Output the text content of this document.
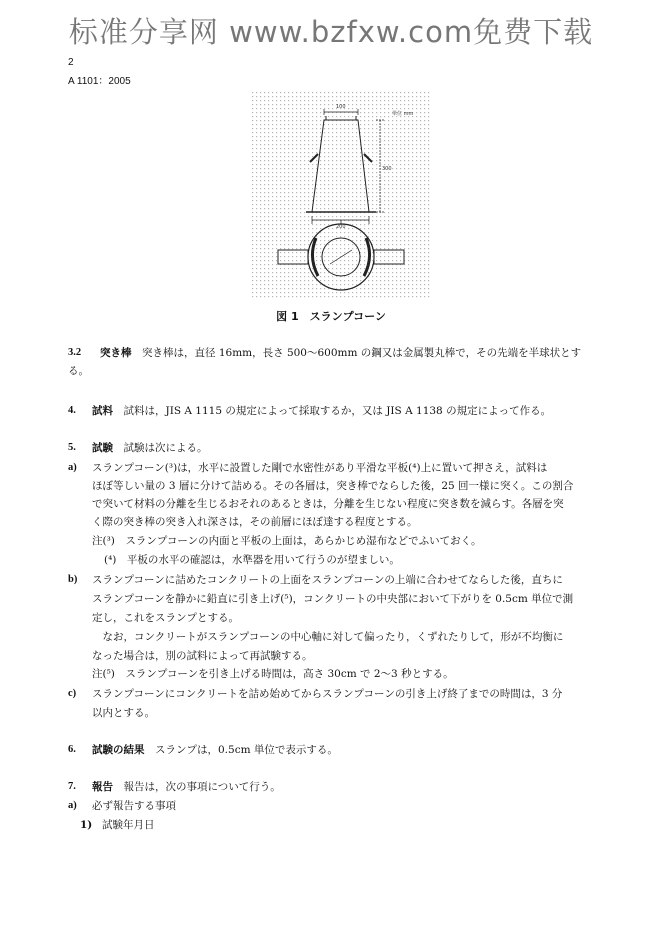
标准分享网 www.bzfxw.com免费下载
2
A 1101：2005
単位 mm
100
300
200
図 1　スランプコーン
3.2 突き棒　 突き棒は，直径 16mm，長さ 500～600mm の鋼又は金属製丸棒で，その先端を半球状とす
る。
4. 試料　 試料は，JIS A 1115 の規定によって採取するか，又は JIS A 1138 の規定によって作る。
5. 試験　 試験は次による。
a) スランプコーン(³)は，水平に設置した剛で水密性があり平滑な平板(⁴)上に置いて押さえ，試料は
ほぼ等しい量の 3 層に分けて詰める。その各層は，突き棒でならした後，25 回一様に突く。この割合
で突いて材料の分離を生じるおそれのあるときは，分離を生じない程度に突き数を減らす。各層を突
く際の突き棒の突き入れ深さは，その前層にほぼ達する程度とする。
注(³)　スランプコーンの内面と平板の上面は，あらかじめ湿布などでふいておく。
(⁴)　平板の水平の確認は，水準器を用いて行うのが望ましい。
b) スランプコーンに詰めたコンクリートの上面をスランプコーンの上端に合わせてならした後，直ちに
スランプコーンを静かに鉛直に引き上げ(⁵)，コンクリートの中央部において下がりを 0.5cm 単位で測
定し，これをスランプとする。
　なお，コンクリートがスランプコーンの中心軸に対して偏ったり，くずれたりして，形が不均衡に
なった場合は，別の試料によって再試験する。
注(⁵)　スランプコーンを引き上げる時間は，高さ 30cm で 2～3 秒とする。
c) スランプコーンにコンクリートを詰め始めてからスランプコーンの引き上げ終了までの時間は，3 分
以内とする。
6. 試験の結果　 スランプは，0.5cm 単位で表示する。
7. 報告　 報告は，次の事項について行う。
a) 必ず報告する事項
1) 試験年月日
